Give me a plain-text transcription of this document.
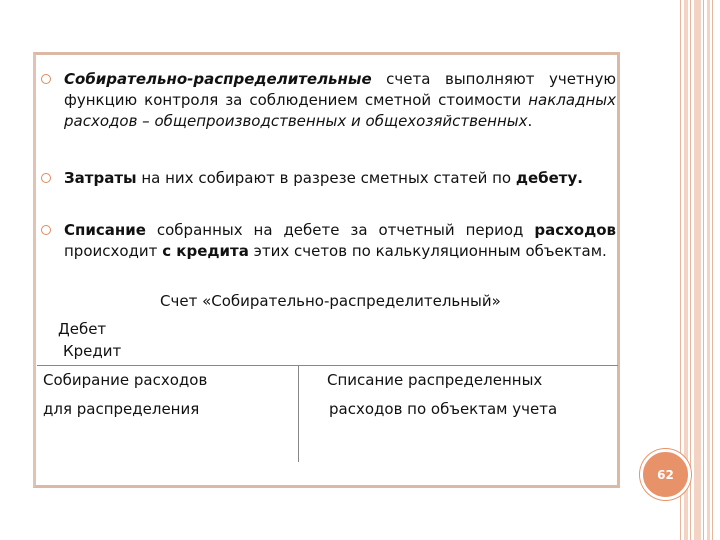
Собирательно-распределительные счета выполняют учетную функцию контроля за соблюдением сметной стоимости накладных расходов – общепроизводственных и общехозяйственных.
Затраты на них собирают в разрезе сметных статей по дебету.
Списание собранных на дебете за отчетный период расходов происходит с кредита этих счетов по калькуляционным объектам.
Счет «Собирательно-распределительный»
Дебет
Кредит
Собирание расходов
для распределения
Списание распределенных
расходов по объектам учета
62
